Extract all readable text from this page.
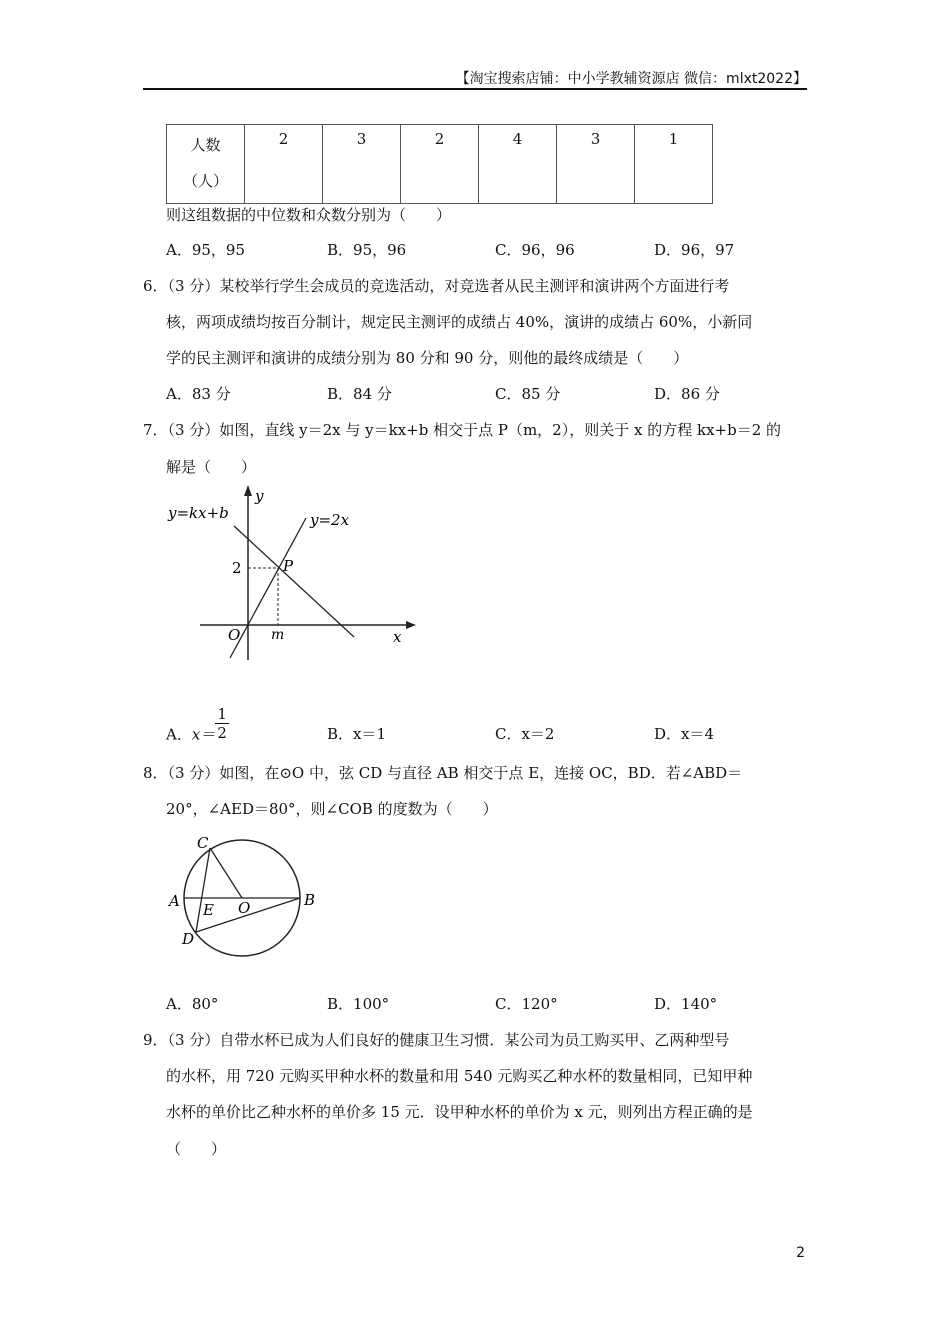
【淘宝搜索店铺：中小学教辅资源店 微信：mlxt2022】
人数
（人）
	2	3	2	4	3	1
则这组数据的中位数和众数分别为（　　）
A．95，95	B．95，96	C．96，96	D．96，97
6．（3 分）某校举行学生会成员的竞选活动，对竞选者从民主测评和演讲两个方面进行考
核，两项成绩均按百分制计，规定民主测评的成绩占 40%，演讲的成绩占 60%，小新同
学的民主测评和演讲的成绩分别为 80 分和 90 分，则他的最终成绩是（　　）
A．83 分	B．84 分	C．85 分	D．86 分
7．（3 分）如图，直线 y＝2x 与 y＝kx+b 相交于点 P（m，2），则关于 x 的方程 kx+b＝2 的
解是（　　）
y=kx+b	y=2x
y
x
O
P
m
2
A．$x= \frac{1}{2}$	B．x＝1	C．x＝2	D．x＝4
8．（3 分）如图，在⊙O 中，弦 CD 与直径 AB 相交于点 E，连接 OC，BD．若∠ABD＝
20°，∠AED＝80°，则∠COB 的度数为（　　）
C
A	B
D
E O
A．80°	B．100°	C．120°	D．140°
9．（3 分）自带水杯已成为人们良好的健康卫生习惯．某公司为员工购买甲、乙两种型号
的水杯，用 720 元购买甲种水杯的数量和用 540 元购买乙种水杯的数量相同，已知甲种
水杯的单价比乙种水杯的单价多 15 元．设甲种水杯的单价为 x 元，则列出方程正确的是
（　　）
2
